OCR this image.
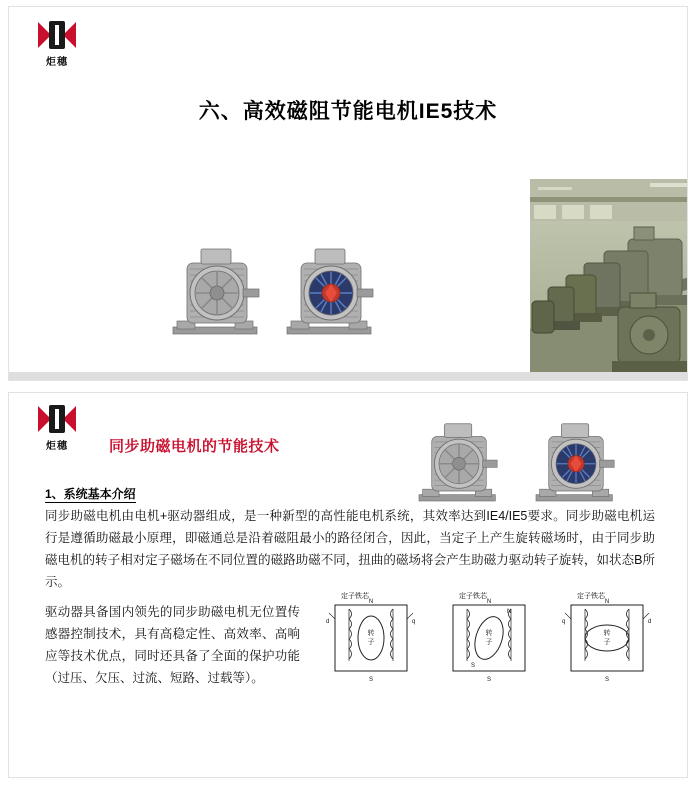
炬穗
六、高效磁阻节能电机IE5技术
炬穗	同步助磁电机的节能技术
1、系统基本介绍
同步助磁电机由电机+驱动器组成，是一种新型的高性能电机系统，其效率达到IE4/IE5要求。同步助磁电机运行是遵循助磁最小原理，即磁通总是沿着磁阻最小的路径闭合，因此，当定子上产生旋转磁场时，由于同步助磁电机的转子相对定子磁场在不同位置的磁路助磁不同，扭曲的磁场将会产生助磁力驱动转子旋转，如状态B所示。
驱动器具备国内领先的同步助磁电机无位置传感器控制技术，具有高稳定性、高效率、高响应等技术优点，同时还具备了全面的保护功能（过压、欠压、过流、短路、过载等）。
定子铁芯
转
子
d	q
N
S
定子铁芯
转
子
N
S
N
S
定子铁芯
转
子
N
S
d
q
